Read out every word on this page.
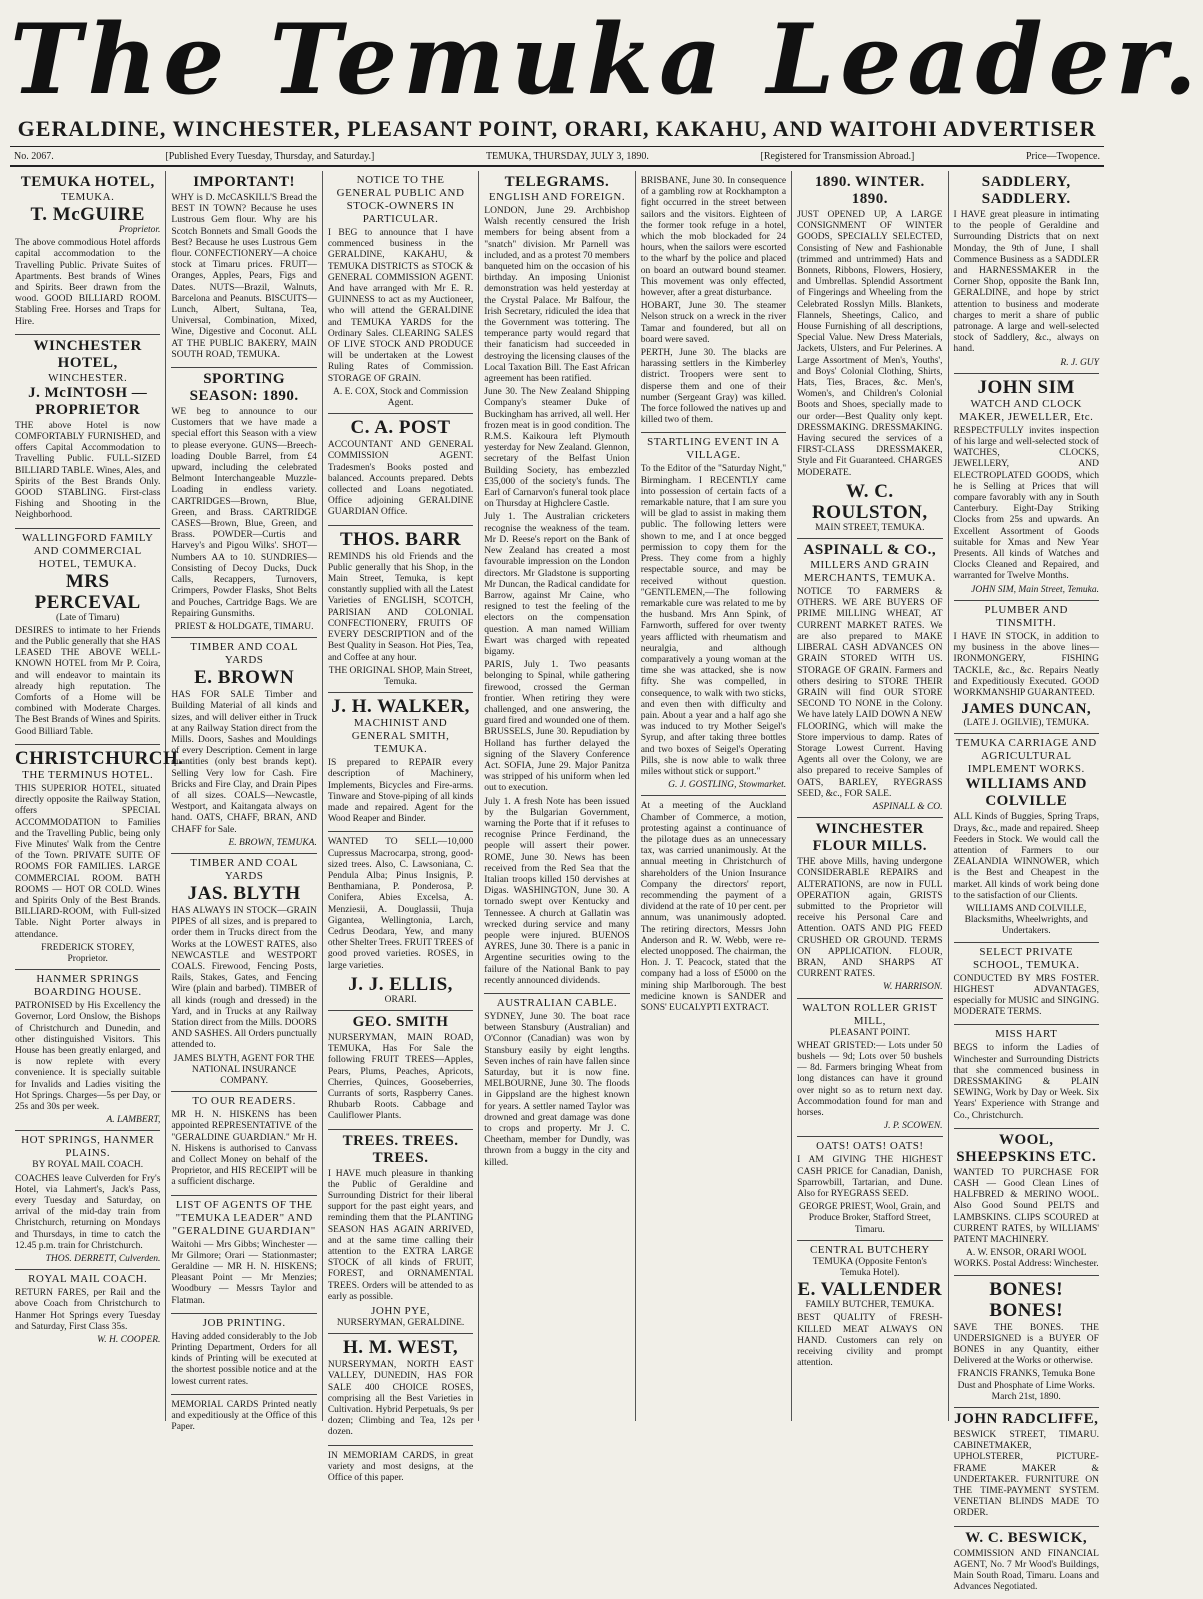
The Temuka Leader.
GERALDINE, WINCHESTER, PLEASANT POINT, ORARI, KAKAHU, AND WAITOHI ADVERTISER
No. 2067.	[Published Every Tuesday, Thursday, and Saturday.]	TEMUKA, THURSDAY, JULY 3, 1890.	[Registered for Transmission Abroad.]	Price—Twopence.
TEMUKA HOTEL,
TEMUKA.
T. McGUIRE
Proprietor.

The above commodious Hotel affords capital accommodation to the Travelling Public. Private Suites of Apartments. Best brands of Wines and Spirits. Beer drawn from the wood. GOOD BILLIARD ROOM. Stabling Free. Horses and Traps for Hire.

WINCHESTER HOTEL,
WINCHESTER.
J. McINTOSH — PROPRIETOR

THE above Hotel is now COMFORTABLY FURNISHED, and offers Capital Accommodation to Travelling Public. FULL-SIZED BILLIARD TABLE. Wines, Ales, and Spirits of the Best Brands Only. GOOD STABLING. First-class Fishing and Shooting in the Neighborhood.

WALLINGFORD FAMILY AND COMMERCIAL HOTEL, TEMUKA.
MRS PERCEVAL
(Late of Timaru)

DESIRES to intimate to her Friends and the Public generally that she HAS LEASED THE ABOVE WELL-KNOWN HOTEL from Mr P. Coira, and will endeavor to maintain its already high reputation. The Comforts of a Home will be combined with Moderate Charges. The Best Brands of Wines and Spirits. Good Billiard Table.

CHRISTCHURCH.
THE TERMINUS HOTEL.

THIS SUPERIOR HOTEL, situated directly opposite the Railway Station, offers SPECIAL ACCOMMODATION to Families and the Travelling Public, being only Five Minutes' Walk from the Centre of the Town. PRIVATE SUITE OF ROOMS FOR FAMILIES. LARGE COMMERCIAL ROOM. BATH ROOMS — HOT OR COLD. Wines and Spirits Only of the Best Brands. BILLIARD-ROOM, with Full-sized Table. Night Porter always in attendance.

FREDERICK STOREY,
Proprietor.
HANMER SPRINGS BOARDING HOUSE.

PATRONISED by His Excellency the Governor, Lord Onslow, the Bishops of Christchurch and Dunedin, and other distinguished Visitors. This House has been greatly enlarged, and is now replete with every convenience. It is specially suitable for Invalids and Ladies visiting the Hot Springs. Charges—5s per Day, or 25s and 30s per week.

A. LAMBERT,
HOT SPRINGS, HANMER PLAINS.
BY ROYAL MAIL COACH.

COACHES leave Culverden for Fry's Hotel, via Lahmert's, Jack's Pass, every Tuesday and Saturday, on arrival of the mid-day train from Christchurch, returning on Mondays and Thursdays, in time to catch the 12.45 p.m. train for Christchurch.

THOS. DERRETT, Culverden.
ROYAL MAIL COACH.

RETURN FARES, per Rail and the above Coach from Christchurch to Hanmer Hot Springs every Tuesday and Saturday, First Class 35s.

W. H. COOPER.
IMPORTANT!

WHY is D. McCASKILL'S Bread the BEST IN TOWN? Because he uses Lustrous Gem flour. Why are his Scotch Bonnets and Small Goods the Best? Because he uses Lustrous Gem flour. CONFECTIONERY—A choice stock at Timaru prices. FRUIT—Oranges, Apples, Pears, Figs and Dates. NUTS—Brazil, Walnuts, Barcelona and Peanuts. BISCUITS—Lunch, Albert, Sultana, Tea, Universal, Combination, Mixed, Wine, Digestive and Coconut. ALL AT THE PUBLIC BAKERY, MAIN SOUTH ROAD, TEMUKA.

SPORTING SEASON: 1890.

WE beg to announce to our Customers that we have made a special effort this Season with a view to please everyone. GUNS—Breech-loading Double Barrel, from £4 upward, including the celebrated Belmont Interchangeable Muzzle-Loading in endless variety. CARTRIDGES—Brown, Blue, Green, and Brass. CARTRIDGE CASES—Brown, Blue, Green, and Brass. POWDER—Curtis and Harvey's and Pigou Wilks'. SHOT—Numbers AA to 10. SUNDRIES—Consisting of Decoy Ducks, Duck Calls, Recappers, Turnovers, Crimpers, Powder Flasks, Shot Belts and Pouches, Cartridge Bags. We are Repairing Gunsmiths.

PRIEST & HOLDGATE, TIMARU.
TIMBER AND COAL YARDS
E. BROWN

HAS FOR SALE Timber and Building Material of all kinds and sizes, and will deliver either in Truck at any Railway Station direct from the Mills. Doors, Sashes and Mouldings of every Description. Cement in large quantities (only best brands kept). Selling Very low for Cash. Fire Bricks and Fire Clay, and Drain Pipes of all sizes. COALS—Newcastle, Westport, and Kaitangata always on hand. OATS, CHAFF, BRAN, AND CHAFF for Sale.

E. BROWN, TEMUKA.
TIMBER AND COAL YARDS
JAS. BLYTH

HAS ALWAYS IN STOCK—GRAIN PIPES of all sizes, and is prepared to order them in Trucks direct from the Works at the LOWEST RATES, also NEWCASTLE and WESTPORT COALS. Firewood, Fencing Posts, Rails, Stakes, Gates, and Fencing Wire (plain and barbed). TIMBER of all kinds (rough and dressed) in the Yard, and in Trucks at any Railway Station direct from the Mills. DOORS AND SASHES. All Orders punctually attended to.

JAMES BLYTH, AGENT FOR THE NATIONAL INSURANCE COMPANY.
TO OUR READERS.

MR H. N. HISKENS has been appointed REPRESENTATIVE of the "GERALDINE GUARDIAN." Mr H. N. Hiskens is authorised to Canvass and Collect Money on behalf of the Proprietor, and HIS RECEIPT will be a sufficient discharge.

LIST OF AGENTS OF THE "TEMUKA LEADER" AND "GERALDINE GUARDIAN"

Waitohi — Mrs Gibbs; Winchester — Mr Gilmore; Orari — Stationmaster; Geraldine — MR H. N. HISKENS; Pleasant Point — Mr Menzies; Woodbury — Messrs Taylor and Flatman.

JOB PRINTING.

Having added considerably to the Job Printing Department, Orders for all kinds of Printing will be executed at the shortest possible notice and at the lowest current rates.

MEMORIAL CARDS Printed neatly and expeditiously at the Office of this Paper.

NOTICE TO THE GENERAL PUBLIC AND STOCK-OWNERS IN PARTICULAR.

I BEG to announce that I have commenced business in the GERALDINE, KAKAHU, & TEMUKA DISTRICTS as STOCK & GENERAL COMMISSION AGENT. And have arranged with Mr E. R. GUINNESS to act as my Auctioneer, who will attend the GERALDINE and TEMUKA YARDS for the Ordinary Sales. CLEARING SALES OF LIVE STOCK AND PRODUCE will be undertaken at the Lowest Ruling Rates of Commission. STORAGE OF GRAIN.

A. E. COX, Stock and Commission Agent.
C. A. POST

ACCOUNTANT AND GENERAL COMMISSION AGENT. Tradesmen's Books posted and balanced. Accounts prepared. Debts collected and Loans negotiated. Office adjoining GERALDINE GUARDIAN Office.

THOS. BARR

REMINDS his old Friends and the Public generally that his Shop, in the Main Street, Temuka, is kept constantly supplied with all the Latest Varieties of ENGLISH, SCOTCH, PARISIAN AND COLONIAL CONFECTIONERY, FRUITS OF EVERY DESCRIPTION and of the Best Quality in Season. Hot Pies, Tea, and Coffee at any hour.

THE ORIGINAL SHOP, Main Street, Temuka.
J. H. WALKER,
MACHINIST AND GENERAL SMITH, TEMUKA.

IS prepared to REPAIR every description of Machinery, Implements, Bicycles and Fire-arms. Tinware and Stove-piping of all kinds made and repaired. Agent for the Wood Reaper and Binder.

WANTED TO SELL—10,000 Cupressus Macrocarpa, strong, good-sized trees. Also, C. Lawsoniana, C. Pendula Alba; Pinus Insignis, P. Benthamiana, P. Ponderosa, P. Conifera, Abies Excelsa, A. Menziesii, A. Douglassii, Thuja Gigantea, Wellingtonia, Larch, Cedrus Deodara, Yew, and many other Shelter Trees. FRUIT TREES of good proved varieties. ROSES, in large varieties.

J. J. ELLIS,
ORARI.
GEO. SMITH

NURSERYMAN, MAIN ROAD, TEMUKA, Has For Sale the following FRUIT TREES—Apples, Pears, Plums, Peaches, Apricots, Cherries, Quinces, Gooseberries, Currants of sorts, Raspberry Canes. Rhubarb Roots. Cabbage and Cauliflower Plants.

TREES. TREES. TREES.

I HAVE much pleasure in thanking the Public of Geraldine and Surrounding District for their liberal support for the past eight years, and reminding them that the PLANTING SEASON HAS AGAIN ARRIVED, and at the same time calling their attention to the EXTRA LARGE STOCK of all kinds of FRUIT, FOREST, and ORNAMENTAL TREES. Orders will be attended to as early as possible.

JOHN PYE,
NURSERYMAN, GERALDINE.
H. M. WEST,

NURSERYMAN, NORTH EAST VALLEY, DUNEDIN, HAS FOR SALE 400 CHOICE ROSES, comprising all the Best Varieties in Cultivation. Hybrid Perpetuals, 9s per dozen; Climbing and Tea, 12s per dozen.

IN MEMORIAM CARDS, in great variety and most designs, at the Office of this paper.

TELEGRAMS.
ENGLISH AND FOREIGN.

LONDON, June 29. Archbishop Walsh recently censured the Irish members for being absent from a "snatch" division. Mr Parnell was included, and as a protest 70 members banqueted him on the occasion of his birthday. An imposing Unionist demonstration was held yesterday at the Crystal Palace. Mr Balfour, the Irish Secretary, ridiculed the idea that the Government was tottering. The temperance party would regard that their fanaticism had succeeded in destroying the licensing clauses of the Local Taxation Bill. The East African agreement has been ratified.

June 30. The New Zealand Shipping Company's steamer Duke of Buckingham has arrived, all well. Her frozen meat is in good condition. The R.M.S. Kaikoura left Plymouth yesterday for New Zealand. Glennon, secretary of the Belfast Union Building Society, has embezzled £35,000 of the society's funds. The Earl of Carnarvon's funeral took place on Thursday at Highclere Castle.

July 1. The Australian cricketers recognise the weakness of the team. Mr D. Reese's report on the Bank of New Zealand has created a most favourable impression on the London directors. Mr Gladstone is supporting Mr Duncan, the Radical candidate for Barrow, against Mr Caine, who resigned to test the feeling of the electors on the compensation question. A man named William Ewart was charged with repeated bigamy.

PARIS, July 1. Two peasants belonging to Spinal, while gathering firewood, crossed the German frontier. When retiring they were challenged, and one answering, the guard fired and wounded one of them. BRUSSELS, June 30. Repudiation by Holland has further delayed the signing of the Slavery Conference Act. SOFIA, June 29. Major Panitza was stripped of his uniform when led out to execution.

July 1. A fresh Note has been issued by the Bulgarian Government, warning the Porte that if it refuses to recognise Prince Ferdinand, the people will assert their power. ROME, June 30. News has been received from the Red Sea that the Italian troops killed 150 dervishes at Digas. WASHINGTON, June 30. A tornado swept over Kentucky and Tennessee. A church at Gallatin was wrecked during service and many people were injured. BUENOS AYRES, June 30. There is a panic in Argentine securities owing to the failure of the National Bank to pay recently announced dividends.

AUSTRALIAN CABLE.

SYDNEY, June 30. The boat race between Stansbury (Australian) and O'Connor (Canadian) was won by Stansbury easily by eight lengths. Seven inches of rain have fallen since Saturday, but it is now fine. MELBOURNE, June 30. The floods in Gippsland are the highest known for years. A settler named Taylor was drowned and great damage was done to crops and property. Mr J. C. Cheetham, member for Dundly, was thrown from a buggy in the city and killed.

BRISBANE, June 30. In consequence of a gambling row at Rockhampton a fight occurred in the street between sailors and the visitors. Eighteen of the former took refuge in a hotel, which the mob blockaded for 24 hours, when the sailors were escorted to the wharf by the police and placed on board an outward bound steamer. This movement was only effected, however, after a great disturbance.

HOBART, June 30. The steamer Nelson struck on a wreck in the river Tamar and foundered, but all on board were saved.

PERTH, June 30. The blacks are harassing settlers in the Kimberley district. Troopers were sent to disperse them and one of their number (Sergeant Gray) was killed. The force followed the natives up and killed two of them.

STARTLING EVENT IN A VILLAGE.

To the Editor of the "Saturday Night," Birmingham. I RECENTLY came into possession of certain facts of a remarkable nature, that I am sure you will be glad to assist in making them public. The following letters were shown to me, and I at once begged permission to copy them for the Press. They come from a highly respectable source, and may be received without question. "GENTLEMEN,—The following remarkable cure was related to me by the husband. Mrs Ann Spink, of Farnworth, suffered for over twenty years afflicted with rheumatism and neuralgia, and although comparatively a young woman at the time she was attacked, she is now fifty. She was compelled, in consequence, to walk with two sticks, and even then with difficulty and pain. About a year and a half ago she was induced to try Mother Seigel's Syrup, and after taking three bottles and two boxes of Seigel's Operating Pills, she is now able to walk three miles without stick or support."

G. J. GOSTLING, Stowmarket.

At a meeting of the Auckland Chamber of Commerce, a motion, protesting against a continuance of the pilotage dues as an unnecessary tax, was carried unanimously. At the annual meeting in Christchurch of shareholders of the Union Insurance Company the directors' report, recommending the payment of a dividend at the rate of 10 per cent. per annum, was unanimously adopted. The retiring directors, Messrs John Anderson and R. W. Webb, were re-elected unopposed. The chairman, the Hon. J. T. Peacock, stated that the company had a loss of £5000 on the mining ship Marlborough. The best medicine known is SANDER and SONS' EUCALYPTI EXTRACT.

1890. WINTER. 1890.

JUST OPENED UP, A LARGE CONSIGNMENT OF WINTER GOODS, SPECIALLY SELECTED, Consisting of New and Fashionable (trimmed and untrimmed) Hats and Bonnets, Ribbons, Flowers, Hosiery, and Umbrellas. Splendid Assortment of Fingerings and Wheeling from the Celebrated Rosslyn Mills. Blankets, Flannels, Sheetings, Calico, and House Furnishing of all descriptions, Special Value. New Dress Materials, Jackets, Ulsters, and Fur Pelerines. A Large Assortment of Men's, Youths', and Boys' Colonial Clothing, Shirts, Hats, Ties, Braces, &c. Men's, Women's, and Children's Colonial Boots and Shoes, specially made to our order—Best Quality only kept. DRESSMAKING. DRESSMAKING. Having secured the services of a FIRST-CLASS DRESSMAKER, Style and Fit Guaranteed. CHARGES MODERATE.

W. C. ROULSTON,
MAIN STREET, TEMUKA.
ASPINALL & CO.,
MILLERS AND GRAIN MERCHANTS, TEMUKA.

NOTICE TO FARMERS & OTHERS. WE ARE BUYERS OF PRIME MILLING WHEAT, AT CURRENT MARKET RATES. We are also prepared to MAKE LIBERAL CASH ADVANCES ON GRAIN STORED WITH US. STORAGE OF GRAIN. Farmers and others desiring to STORE THEIR GRAIN will find OUR STORE SECOND TO NONE in the Colony. We have lately LAID DOWN A NEW FLOORING, which will make the Store impervious to damp. Rates of Storage Lowest Current. Having Agents all over the Colony, we are also prepared to receive Samples of OATS, BARLEY, RYEGRASS SEED, &c., FOR SALE.

ASPINALL & CO.
WINCHESTER FLOUR MILLS.

THE above Mills, having undergone CONSIDERABLE REPAIRS and ALTERATIONS, are now in FULL OPERATION again, GRISTS submitted to the Proprietor will receive his Personal Care and Attention. OATS AND PIG FEED CRUSHED OR GROUND. TERMS ON APPLICATION. FLOUR, BRAN, AND SHARPS AT CURRENT RATES.

W. HARRISON.
WALTON ROLLER GRIST MILL,
PLEASANT POINT.

WHEAT GRISTED:— Lots under 50 bushels — 9d; Lots over 50 bushels — 8d. Farmers bringing Wheat from long distances can have it ground over night so as to return next day. Accommodation found for man and horses.

J. P. SCOWEN.
OATS! OATS! OATS!

I AM GIVING THE HIGHEST CASH PRICE for Canadian, Danish, Sparrowbill, Tartarian, and Dune. Also for RYEGRASS SEED.

GEORGE PRIEST, Wool, Grain, and Produce Broker, Stafford Street, Timaru.
CENTRAL BUTCHERY
TEMUKA (Opposite Fenton's Temuka Hotel).
E. VALLENDER
FAMILY BUTCHER, TEMUKA.

BEST QUALITY of FRESH-KILLED MEAT ALWAYS ON HAND. Customers can rely on receiving civility and prompt attention.

SADDLERY, SADDLERY.

I HAVE great pleasure in intimating to the people of Geraldine and Surrounding Districts that on next Monday, the 9th of June, I shall Commence Business as a SADDLER and HARNESSMAKER in the Corner Shop, opposite the Bank Inn, GERALDINE, and hope by strict attention to business and moderate charges to merit a share of public patronage. A large and well-selected stock of Saddlery, &c., always on hand.

R. J. GUY
JOHN SIM
WATCH AND CLOCK MAKER, JEWELLER, Etc.

RESPECTFULLY invites inspection of his large and well-selected stock of WATCHES, CLOCKS, JEWELLERY, AND ELECTROPLATED GOODS, which he is Selling at Prices that will compare favorably with any in South Canterbury. Eight-Day Striking Clocks from 25s and upwards. An Excellent Assortment of Goods suitable for Xmas and New Year Presents. All kinds of Watches and Clocks Cleaned and Repaired, and warranted for Twelve Months.

JOHN SIM, Main Street, Temuka.
PLUMBER AND TINSMITH.

I HAVE IN STOCK, in addition to my business in the above lines—IRONMONGERY, FISHING TACKLE, &c., &c. Repairs Neatly and Expeditiously Executed. GOOD WORKMANSHIP GUARANTEED.

JAMES DUNCAN,
(LATE J. OGILVIE), TEMUKA.
TEMUKA CARRIAGE AND AGRICULTURAL IMPLEMENT WORKS.
WILLIAMS AND COLVILLE

ALL Kinds of Buggies, Spring Traps, Drays, &c., made and repaired. Sheep Feeders in Stock. We would call the attention of Farmers to our ZEALANDIA WINNOWER, which is the Best and Cheapest in the market. All kinds of work being done to the satisfaction of our Clients.

WILLIAMS AND COLVILLE, Blacksmiths, Wheelwrights, and Undertakers.
SELECT PRIVATE SCHOOL, TEMUKA.

CONDUCTED BY MRS FOSTER. HIGHEST ADVANTAGES, especially for MUSIC and SINGING. MODERATE TERMS.

MISS HART

BEGS to inform the Ladies of Winchester and Surrounding Districts that she commenced business in DRESSMAKING & PLAIN SEWING, Work by Day or Week. Six Years' Experience with Strange and Co., Christchurch.

WOOL, SHEEPSKINS ETC.

WANTED TO PURCHASE FOR CASH — Good Clean Lines of HALFBRED & MERINO WOOL. Also Good Sound PELTS and LAMBSKINS. CLIPS SCOURED at CURRENT RATES, by WILLIAMS' PATENT MACHINERY.

A. W. ENSOR, ORARI WOOL WORKS. Postal Address: Winchester.
BONES! BONES!

SAVE THE BONES. THE UNDERSIGNED is a BUYER OF BONES in any Quantity, either Delivered at the Works or otherwise.

FRANCIS FRANKS, Temuka Bone Dust and Phosphate of Lime Works. March 21st, 1890.
JOHN RADCLIFFE,

BESWICK STREET, TIMARU. CABINETMAKER, UPHOLSTERER, PICTURE-FRAME MAKER & UNDERTAKER. FURNITURE ON THE TIME-PAYMENT SYSTEM. VENETIAN BLINDS MADE TO ORDER.

W. C. BESWICK,

COMMISSION AND FINANCIAL AGENT, No. 7 Mr Wood's Buildings, Main South Road, Timaru. Loans and Advances Negotiated.
